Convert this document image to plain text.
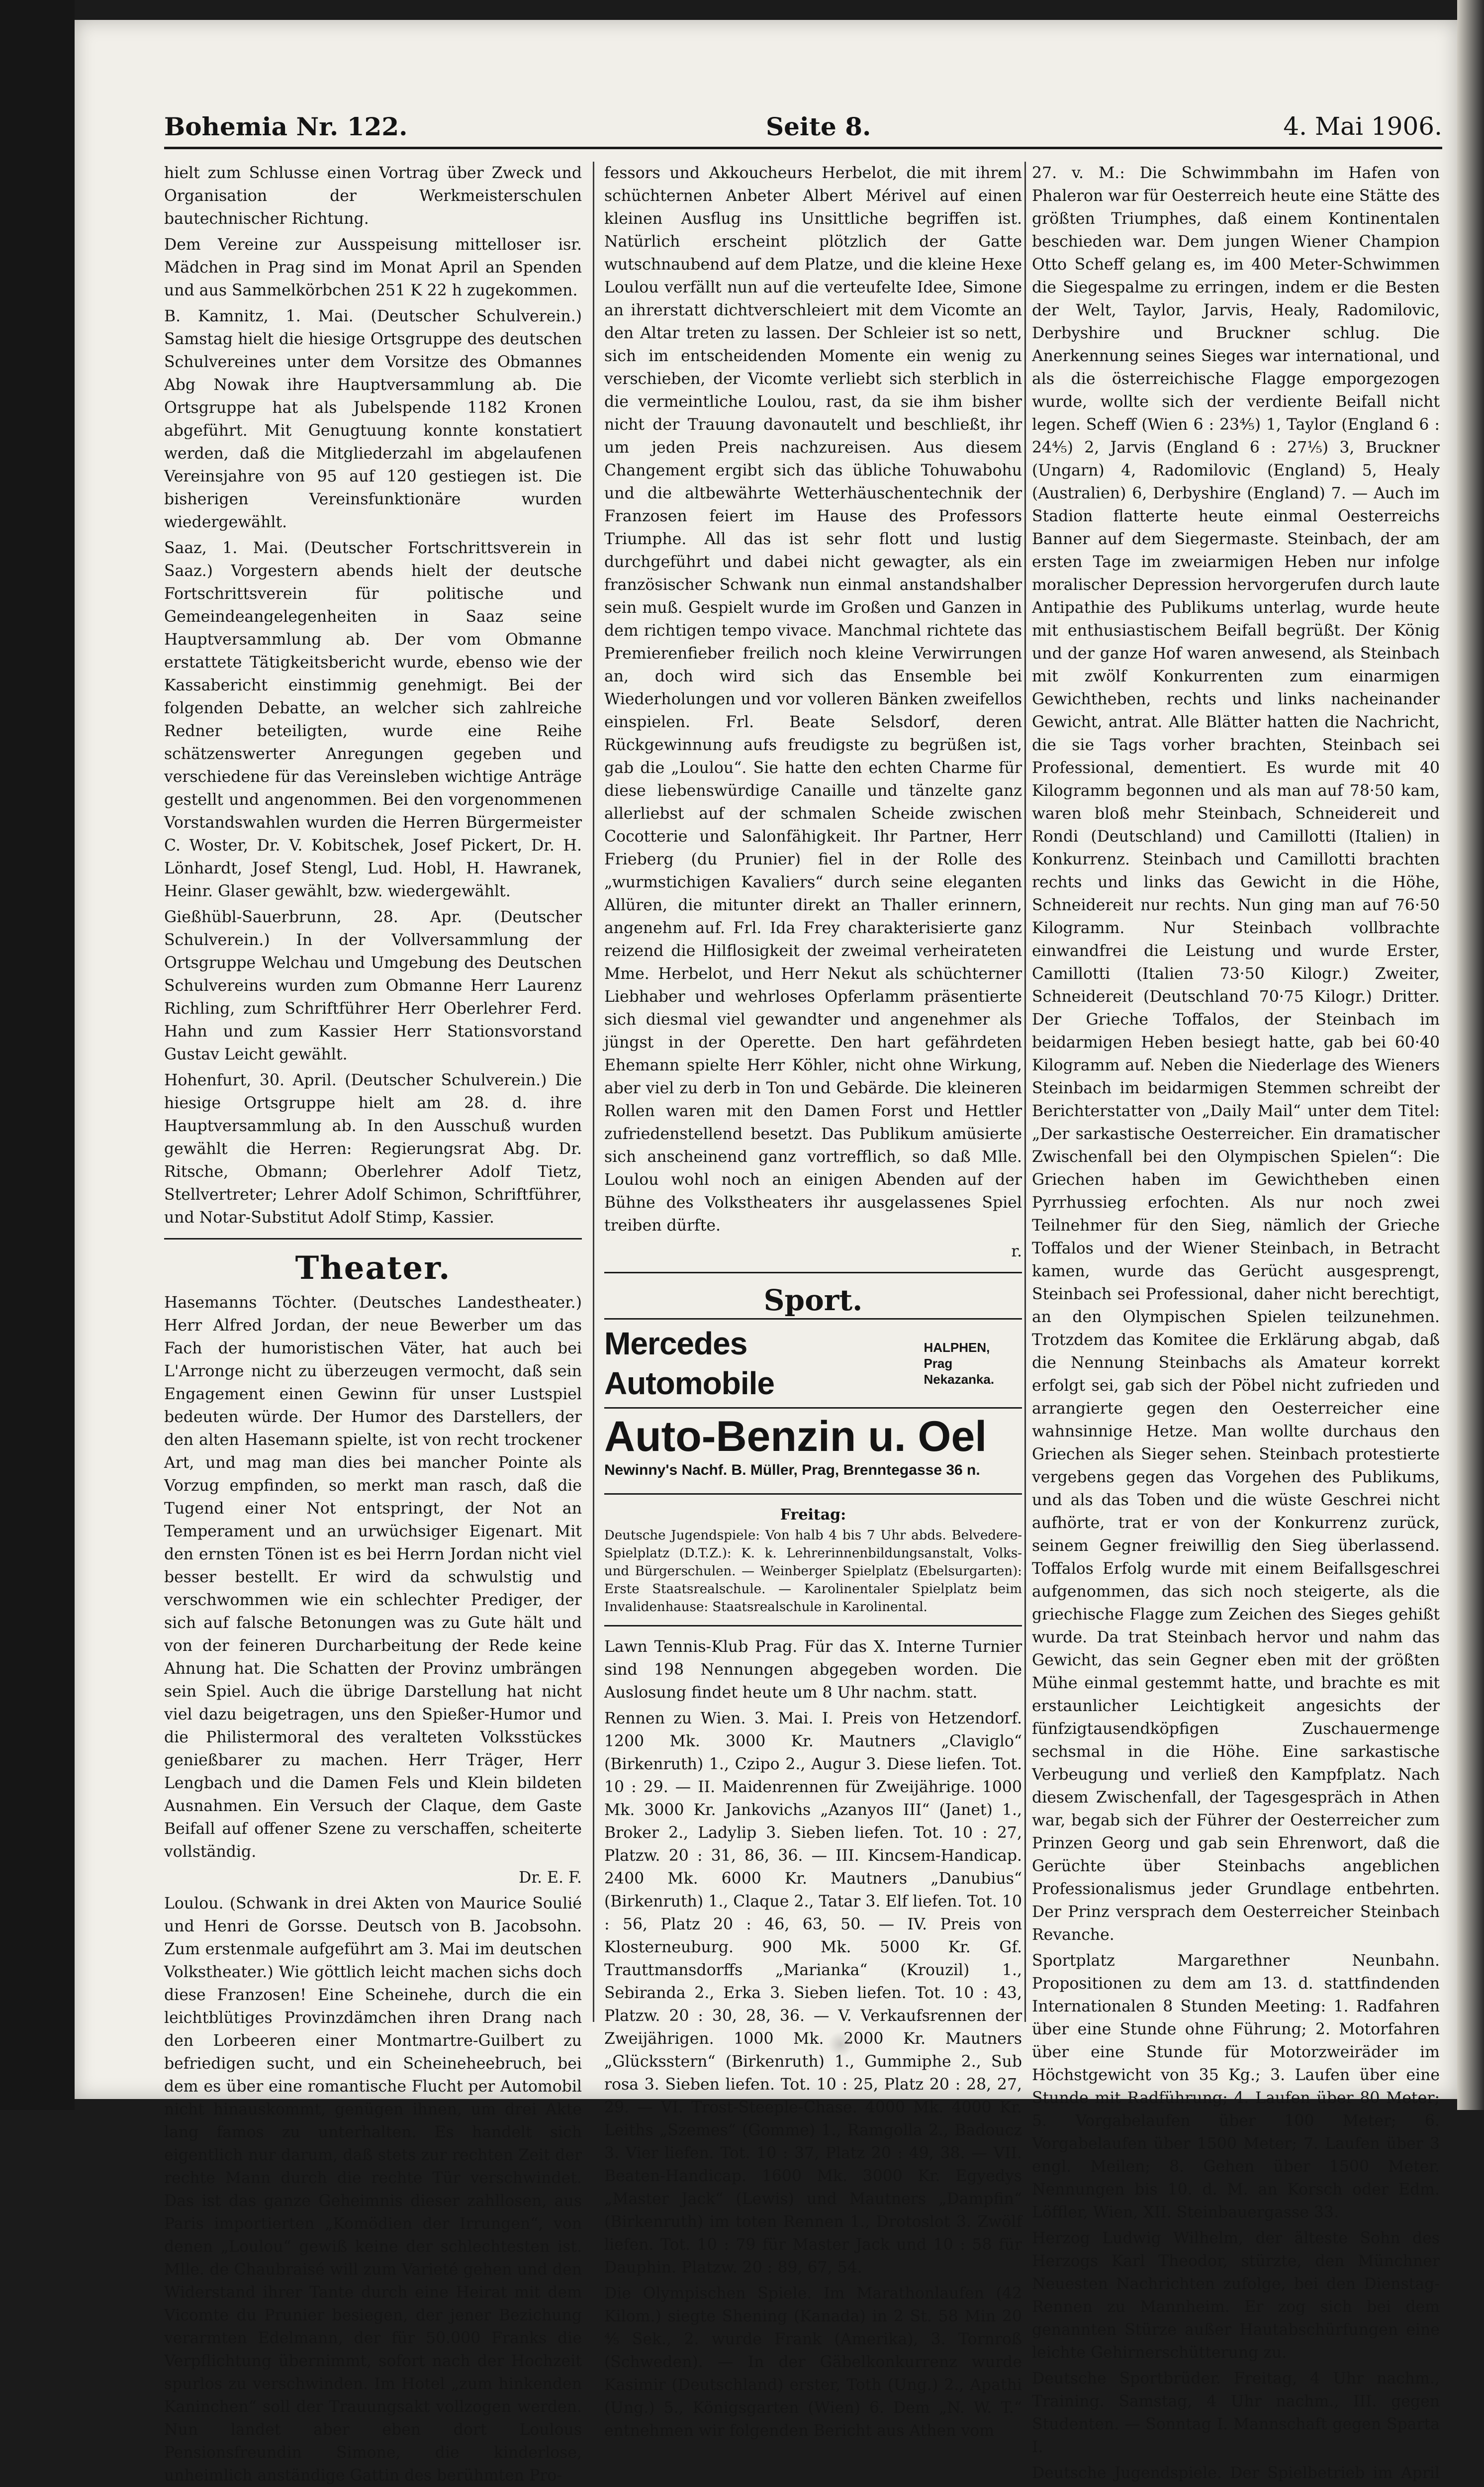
Bohemia Nr. 122.	Seite 8.	4. Mai 1906.

hielt zum Schlusse einen Vortrag über Zweck und Organisation der Werkmeisterschulen bautechnischer Richtung.

Dem Vereine zur Ausspeisung mittelloser isr. Mädchen in Prag sind im Monat April an Spenden und aus Sammelkörbchen 251 K 22 h zugekommen.

B. Kamnitz, 1. Mai. (Deutscher Schulverein.) Samstag hielt die hiesige Ortsgruppe des deutschen Schulvereines unter dem Vorsitze des Obmannes Abg Nowak ihre Hauptversammlung ab. Die Ortsgruppe hat als Jubelspende 1182 Kronen abgeführt. Mit Genugtuung konnte konstatiert werden, daß die Mitgliederzahl im abgelaufenen Vereinsjahre von 95 auf 120 gestiegen ist. Die bisherigen Vereinsfunktionäre wurden wiedergewählt.

Saaz, 1. Mai. (Deutscher Fortschrittsverein in Saaz.) Vorgestern abends hielt der deutsche Fortschrittsverein für politische und Gemeindeangelegenheiten in Saaz seine Hauptversammlung ab. Der vom Obmanne erstattete Tätigkeitsbericht wurde, ebenso wie der Kassabericht einstimmig genehmigt. Bei der folgenden Debatte, an welcher sich zahlreiche Redner beteiligten, wurde eine Reihe schätzenswerter Anregungen gegeben und verschiedene für das Vereinsleben wichtige Anträge gestellt und angenommen. Bei den vorgenommenen Vorstandswahlen wurden die Herren Bürgermeister C. Woster, Dr. V. Kobitschek, Josef Pickert, Dr. H. Lönhardt, Josef Stengl, Lud. Hobl, H. Hawranek, Heinr. Glaser gewählt, bzw. wiedergewählt.

Gießhübl-Sauerbrunn, 28. Apr. (Deutscher Schulverein.) In der Vollversammlung der Ortsgruppe Welchau und Umgebung des Deutschen Schulvereins wurden zum Obmanne Herr Laurenz Richling, zum Schriftführer Herr Oberlehrer Ferd. Hahn und zum Kassier Herr Stationsvorstand Gustav Leicht gewählt.

Hohenfurt, 30. April. (Deutscher Schulverein.) Die hiesige Ortsgruppe hielt am 28. d. ihre Hauptversammlung ab. In den Ausschuß wurden gewählt die Herren: Regierungsrat Abg. Dr. Ritsche, Obmann; Oberlehrer Adolf Tietz, Stellvertreter; Lehrer Adolf Schimon, Schriftführer, und Notar-Substitut Adolf Stimp, Kassier.

Theater.

Hasemanns Töchter. (Deutsches Landestheater.) Herr Alfred Jordan, der neue Bewerber um das Fach der humoristischen Väter, hat auch bei L'Arronge nicht zu überzeugen vermocht, daß sein Engagement einen Gewinn für unser Lustspiel bedeuten würde. Der Humor des Darstellers, der den alten Hasemann spielte, ist von recht trockener Art, und mag man dies bei mancher Pointe als Vorzug empfinden, so merkt man rasch, daß die Tugend einer Not entspringt, der Not an Temperament und an urwüchsiger Eigenart. Mit den ernsten Tönen ist es bei Herrn Jordan nicht viel besser bestellt. Er wird da schwulstig und verschwommen wie ein schlechter Prediger, der sich auf falsche Betonungen was zu Gute hält und von der feineren Durcharbeitung der Rede keine Ahnung hat. Die Schatten der Provinz umbrängen sein Spiel. Auch die übrige Darstellung hat nicht viel dazu beigetragen, uns den Spießer-Humor und die Philistermoral des veralteten Volksstückes genießbarer zu machen. Herr Träger, Herr Lengbach und die Damen Fels und Klein bildeten Ausnahmen. Ein Versuch der Claque, dem Gaste Beifall auf offener Szene zu verschaffen, scheiterte vollständig.

Dr. E. F.

Loulou. (Schwank in drei Akten von Maurice Soulié und Henri de Gorsse. Deutsch von B. Jacobsohn. Zum erstenmale aufgeführt am 3. Mai im deutschen Volkstheater.) Wie göttlich leicht machen sichs doch diese Franzosen! Eine Scheinehe, durch die ein leichtblütiges Provinzdämchen ihren Drang nach den Lorbeeren einer Montmartre-Guilbert zu befriedigen sucht, und ein Scheineheebruch, bei dem es über eine romantische Flucht per Automobil nicht hinauskommt, genügen ihnen, um drei Akte lang famos zu unterhalten. Es handelt sich eigentlich nur darum, daß stets zur rechten Zeit der rechte Mann durch die rechte Tür verschwindet. Das ist das ganze Geheimnis dieser zahllosen, aus Paris importierten „Komödien der Irrungen“, von denen „Loulou“ gewiß keine der schlechtesten ist. Mlle. de Chaubraisé will zum Varieté gehen und den Widerstand ihrer Tante durch eine Heirat mit dem Vicomte du Prunier besiegen, der jener Bezichung verarmten Edelmann, der für 50.000 Franks die Verpflichtung übernimmt, sofort nach der Hochzeit spurlos zu verschwinden. Im Hotel „zum hinkenden Kaninchen“ soll der Trauungsakt vollzogen werden. Nun landet aber eben dort Loulous Pensionsfreundin Simone, die kinderlose, unheimlich anständige Gattin des berühmten Pro-

fessors und Akkoucheurs Herbelot, die mit ihrem schüchternen Anbeter Albert Mérivel auf einen kleinen Ausflug ins Unsittliche begriffen ist. Natürlich erscheint plötzlich der Gatte wutschnaubend auf dem Platze, und die kleine Hexe Loulou verfällt nun auf die verteufelte Idee, Simone an ihrerstatt dichtverschleiert mit dem Vicomte an den Altar treten zu lassen. Der Schleier ist so nett, sich im entscheidenden Momente ein wenig zu verschieben, der Vicomte verliebt sich sterblich in die vermeintliche Loulou, rast, da sie ihm bisher nicht der Trauung davonautelt und beschließt, ihr um jeden Preis nachzureisen. Aus diesem Changement ergibt sich das übliche Tohuwabohu und die altbewährte Wetterhäuschentechnik der Franzosen feiert im Hause des Professors Triumphe. All das ist sehr flott und lustig durchgeführt und dabei nicht gewagter, als ein französischer Schwank nun einmal anstandshalber sein muß. Gespielt wurde im Großen und Ganzen in dem richtigen tempo vivace. Manchmal richtete das Premierenfieber freilich noch kleine Verwirrungen an, doch wird sich das Ensemble bei Wiederholungen und vor volleren Bänken zweifellos einspielen. Frl. Beate Selsdorf, deren Rückgewinnung aufs freudigste zu begrüßen ist, gab die „Loulou“. Sie hatte den echten Charme für diese liebenswürdige Canaille und tänzelte ganz allerliebst auf der schmalen Scheide zwischen Cocotterie und Salonfähigkeit. Ihr Partner, Herr Frieberg (du Prunier) fiel in der Rolle des „wurmstichigen Kavaliers“ durch seine eleganten Allüren, die mitunter direkt an Thaller erinnern, angenehm auf. Frl. Ida Frey charakterisierte ganz reizend die Hilflosigkeit der zweimal verheirateten Mme. Herbelot, und Herr Nekut als schüchterner Liebhaber und wehrloses Opferlamm präsentierte sich diesmal viel gewandter und angenehmer als jüngst in der Operette. Den hart gefährdeten Ehemann spielte Herr Köhler, nicht ohne Wirkung, aber viel zu derb in Ton und Gebärde. Die kleineren Rollen waren mit den Damen Forst und Hettler zufriedenstellend besetzt. Das Publikum amüsierte sich anscheinend ganz vortrefflich, so daß Mlle. Loulou wohl noch an einigen Abenden auf der Bühne des Volkstheaters ihr ausgelassenes Spiel treiben dürfte.

r.

Sport.
Mercedes Automobile
HALPHEN, Prag
Nekazanka.
Auto-Benzin u. Oel
Newinny's Nachf. B. Müller, Prag, Brenntegasse 36 n.
Freitag:

Deutsche Jugendspiele: Von halb 4 bis 7 Uhr abds. Belvedere-Spielplatz (D.T.Z.): K. k. Lehrerinnenbildungsanstalt, Volks- und Bürgerschulen. — Weinberger Spielplatz (Ebelsurgarten): Erste Staatsrealschule. — Karolinentaler Spielplatz beim Invalidenhause: Staatsrealschule in Karolinental.

Lawn Tennis-Klub Prag. Für das X. Interne Turnier sind 198 Nennungen abgegeben worden. Die Auslosung findet heute um 8 Uhr nachm. statt.

Rennen zu Wien. 3. Mai. I. Preis von Hetzendorf. 1200 Mk. 3000 Kr. Mautners „Claviglo“ (Birkenruth) 1., Czipo 2., Augur 3. Diese liefen. Tot. 10 : 29. — II. Maidenrennen für Zweijährige. 1000 Mk. 3000 Kr. Jankovichs „Azanyos III“ (Janet) 1., Broker 2., Ladylip 3. Sieben liefen. Tot. 10 : 27, Platzw. 20 : 31, 86, 36. — III. Kincsem-Handicap. 2400 Mk. 6000 Kr. Mautners „Danubius“ (Birkenruth) 1., Claque 2., Tatar 3. Elf liefen. Tot. 10 : 56, Platz 20 : 46, 63, 50. — IV. Preis von Klosterneuburg. 900 Mk. 5000 Kr. Gf. Trauttmansdorffs „Marianka“ (Krouzil) 1., Sebiranda 2., Erka 3. Sieben liefen. Tot. 10 : 43, Platzw. 20 : 30, 28, 36. — V. Verkaufsrennen der Zweijährigen. 1000 Mk. 2000 Kr. Mautners „Glücksstern“ (Birkenruth) 1., Gummiphe 2., Sub rosa 3. Sieben liefen. Tot. 10 : 25, Platz 20 : 28, 27, 29. — VI. Trost-Steeple-Chase. 4000 Mk. 4000 Kr. Leiths „Szemes“ (Gomme) 1., Ramgolla 2., Badoucz 3. Vier liefen. Tot. 10 : 37, Platz 20 : 49, 38. — VII. Beaten-Handicap. 1600 Mk. 3000 Kr. Egyedys „Master Jack“ (Lewis) und Mautners „Dampfin“ (Birkenruth) im toten Rennen 1., Drotoslot 3. Zwölf liefen. Tot. 10 : 79 für Master Jack und 10 : 58 für Dauphin. Platzw. 20 : 89, 67, 54.

Die Olympischen Spiele. Im Marathonlaufen (42 Kilom.) siegte Shening (Kanada) in 2 St. 58 Min 20 ⁴⁄₅ Sek., 2. wurde Frank (Amerika), 3. Tornroß (Schweden). — In der Gäbelkonkurrenz wurde Kasimir (Deutschland) erster, Toth (Ung.) 2., Apathi (Ung.) 5., Königsgarten (Wien) 6. Dem „N. W. T.“ entnehmen wir folgenden Bericht aus Athen vom

27. v. M.: Die Schwimmbahn im Hafen von Phaleron war für Oesterreich heute eine Stätte des größten Triumphes, daß einem Kontinentalen beschieden war. Dem jungen Wiener Champion Otto Scheff gelang es, im 400 Meter-Schwimmen die Siegespalme zu erringen, indem er die Besten der Welt, Taylor, Jarvis, Healy, Radomilovic, Derbyshire und Bruckner schlug. Die Anerkennung seines Sieges war international, und als die österreichische Flagge emporgezogen wurde, wollte sich der verdiente Beifall nicht legen. Scheff (Wien 6 : 23⁴⁄₅) 1, Taylor (England 6 : 24⁴⁄₅) 2, Jarvis (England 6 : 27¹⁄₅) 3, Bruckner (Ungarn) 4, Radomilovic (England) 5, Healy (Australien) 6, Derbyshire (England) 7. — Auch im Stadion flatterte heute einmal Oesterreichs Banner auf dem Siegermaste. Steinbach, der am ersten Tage im zweiarmigen Heben nur infolge moralischer Depression hervorgerufen durch laute Antipathie des Publikums unterlag, wurde heute mit enthusiastischem Beifall begrüßt. Der König und der ganze Hof waren anwesend, als Steinbach mit zwölf Konkurrenten zum einarmigen Gewichtheben, rechts und links nacheinander Gewicht, antrat. Alle Blätter hatten die Nachricht, die sie Tags vorher brachten, Steinbach sei Professional, dementiert. Es wurde mit 40 Kilogramm begonnen und als man auf 78·50 kam, waren bloß mehr Steinbach, Schneidereit und Rondi (Deutschland) und Camillotti (Italien) in Konkurrenz. Steinbach und Camillotti brachten rechts und links das Gewicht in die Höhe, Schneidereit nur rechts. Nun ging man auf 76·50 Kilogramm. Nur Steinbach vollbrachte einwandfrei die Leistung und wurde Erster, Camillotti (Italien 73·50 Kilogr.) Zweiter, Schneidereit (Deutschland 70·75 Kilogr.) Dritter. Der Grieche Toffalos, der Steinbach im beidarmigen Heben besiegt hatte, gab bei 60·40 Kilogramm auf. Neben die Niederlage des Wieners Steinbach im beidarmigen Stemmen schreibt der Berichterstatter von „Daily Mail“ unter dem Titel: „Der sarkastische Oesterreicher. Ein dramatischer Zwischenfall bei den Olympischen Spielen“: Die Griechen haben im Gewichtheben einen Pyrrhussieg erfochten. Als nur noch zwei Teilnehmer für den Sieg, nämlich der Grieche Toffalos und der Wiener Steinbach, in Betracht kamen, wurde das Gerücht ausgesprengt, Steinbach sei Professional, daher nicht berechtigt, an den Olympischen Spielen teilzunehmen. Trotzdem das Komitee die Erklärung abgab, daß die Nennung Steinbachs als Amateur korrekt erfolgt sei, gab sich der Pöbel nicht zufrieden und arrangierte gegen den Oesterreicher eine wahnsinnige Hetze. Man wollte durchaus den Griechen als Sieger sehen. Steinbach protestierte vergebens gegen das Vorgehen des Publikums, und als das Toben und die wüste Geschrei nicht aufhörte, trat er von der Konkurrenz zurück, seinem Gegner freiwillig den Sieg überlassend. Toffalos Erfolg wurde mit einem Beifallsgeschrei aufgenommen, das sich noch steigerte, als die griechische Flagge zum Zeichen des Sieges gehißt wurde. Da trat Steinbach hervor und nahm das Gewicht, das sein Gegner eben mit der größten Mühe einmal gestemmt hatte, und brachte es mit erstaunlicher Leichtigkeit angesichts der fünfzigtausendköpfigen Zuschauermenge sechsmal in die Höhe. Eine sarkastische Verbeugung und verließ den Kampfplatz. Nach diesem Zwischenfall, der Tagesgespräch in Athen war, begab sich der Führer der Oesterreicher zum Prinzen Georg und gab sein Ehrenwort, daß die Gerüchte über Steinbachs angeblichen Professionalismus jeder Grundlage entbehrten. Der Prinz versprach dem Oesterreicher Steinbach Revanche.

Sportplatz Margarethner Neunbahn. Propositionen zu dem am 13. d. stattfindenden Internationalen 8 Stunden Meeting: 1. Radfahren über eine Stunde ohne Führung; 2. Motorfahren über eine Stunde für Motorzweiräder im Höchstgewicht von 35 Kg.; 3. Laufen über eine Stunde mit Radführung; 4. Laufen über 80 Meter; 5. Vorgabelaufen über 100 Meter; 6. Vorgabelaufen über 1500 Meter; 7. Laufen über 3 engl. Meilen; 8. Gehen über 1500 Meter. Nennungen bis 10. d. M. an Korsch oder Edm. Löffler, Wien, XII. Steinbauergasse 33.

Herzog Ludwig Wilhelm, der älteste Sohn des Herzogs Karl Theodor, stürzte, den Münchner Neuesten Nachrichten zufolge, bei den Dienstag-Rennen zu Mannheim. Er zog sich bei dem genannten Stürze außer Hautabschürfungen eine leichte Gehirnerschütterung zu.

Deutsche Sportbrüder. Freitag, 4 Uhr nachm., Training. Samstag, 4 Uhr nachm., III. gegen Studenten. — Sonntag I. Mannschaft gegen Sparta I.

Deutsche Jugendspiele. Der Spielbetrieb im April
